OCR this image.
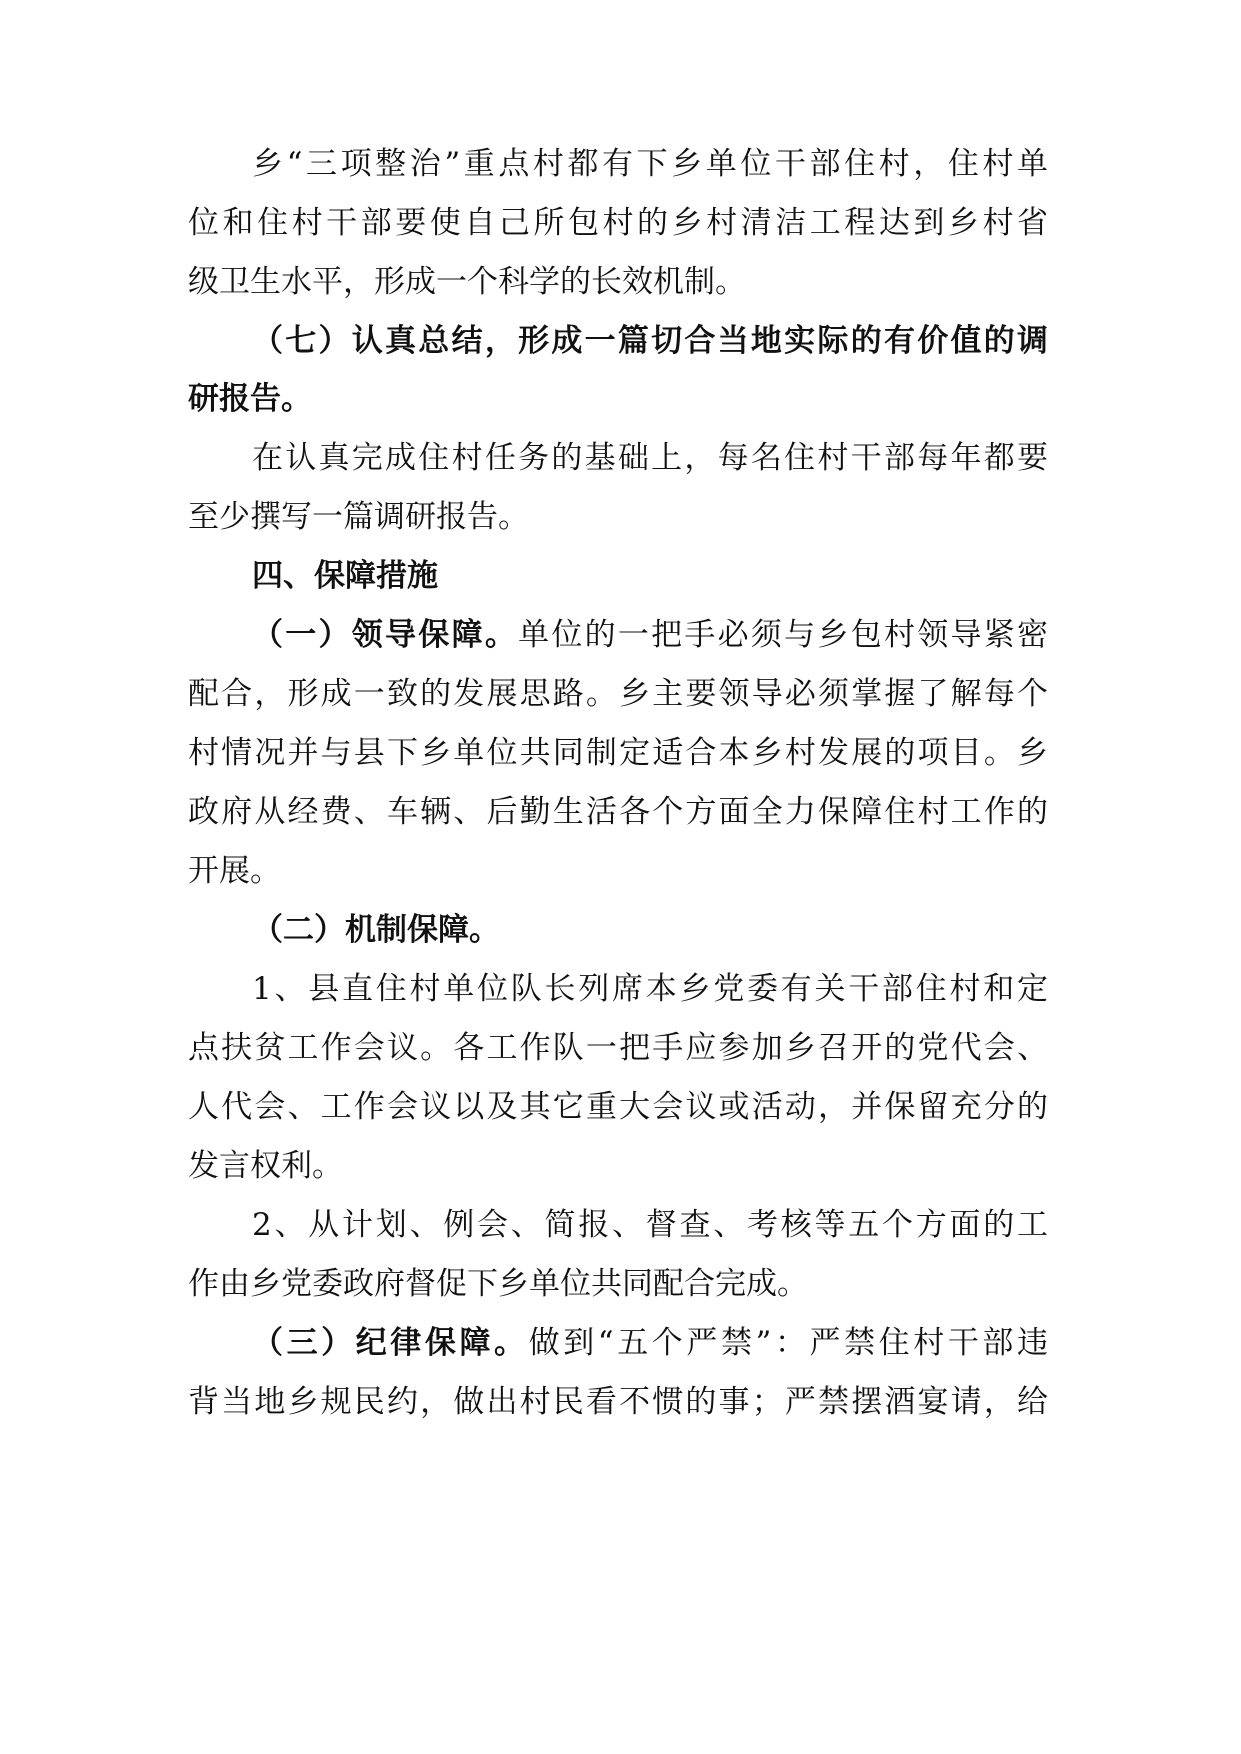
乡“三项整治”重点村都有下乡单位干部住村，住村单
位和住村干部要使自己所包村的乡村清洁工程达到乡村省
级卫生水平，形成一个科学的长效机制。
（七）认真总结，形成一篇切合当地实际的有价值的调
研报告。
在认真完成住村任务的基础上，每名住村干部每年都要
至少撰写一篇调研报告。
四、保障措施
（一）领导保障。单位的一把手必须与乡包村领导紧密
配合，形成一致的发展思路。乡主要领导必须掌握了解每个
村情况并与县下乡单位共同制定适合本乡村发展的项目。乡
政府从经费、车辆、后勤生活各个方面全力保障住村工作的
开展。
（二）机制保障。
1、县直住村单位队长列席本乡党委有关干部住村和定
点扶贫工作会议。各工作队一把手应参加乡召开的党代会、
人代会、工作会议以及其它重大会议或活动，并保留充分的
发言权利。
2、从计划、例会、简报、督查、考核等五个方面的工
作由乡党委政府督促下乡单位共同配合完成。
（三）纪律保障。做到“五个严禁”：严禁住村干部违
背当地乡规民约，做出村民看不惯的事；严禁摆酒宴请，给
